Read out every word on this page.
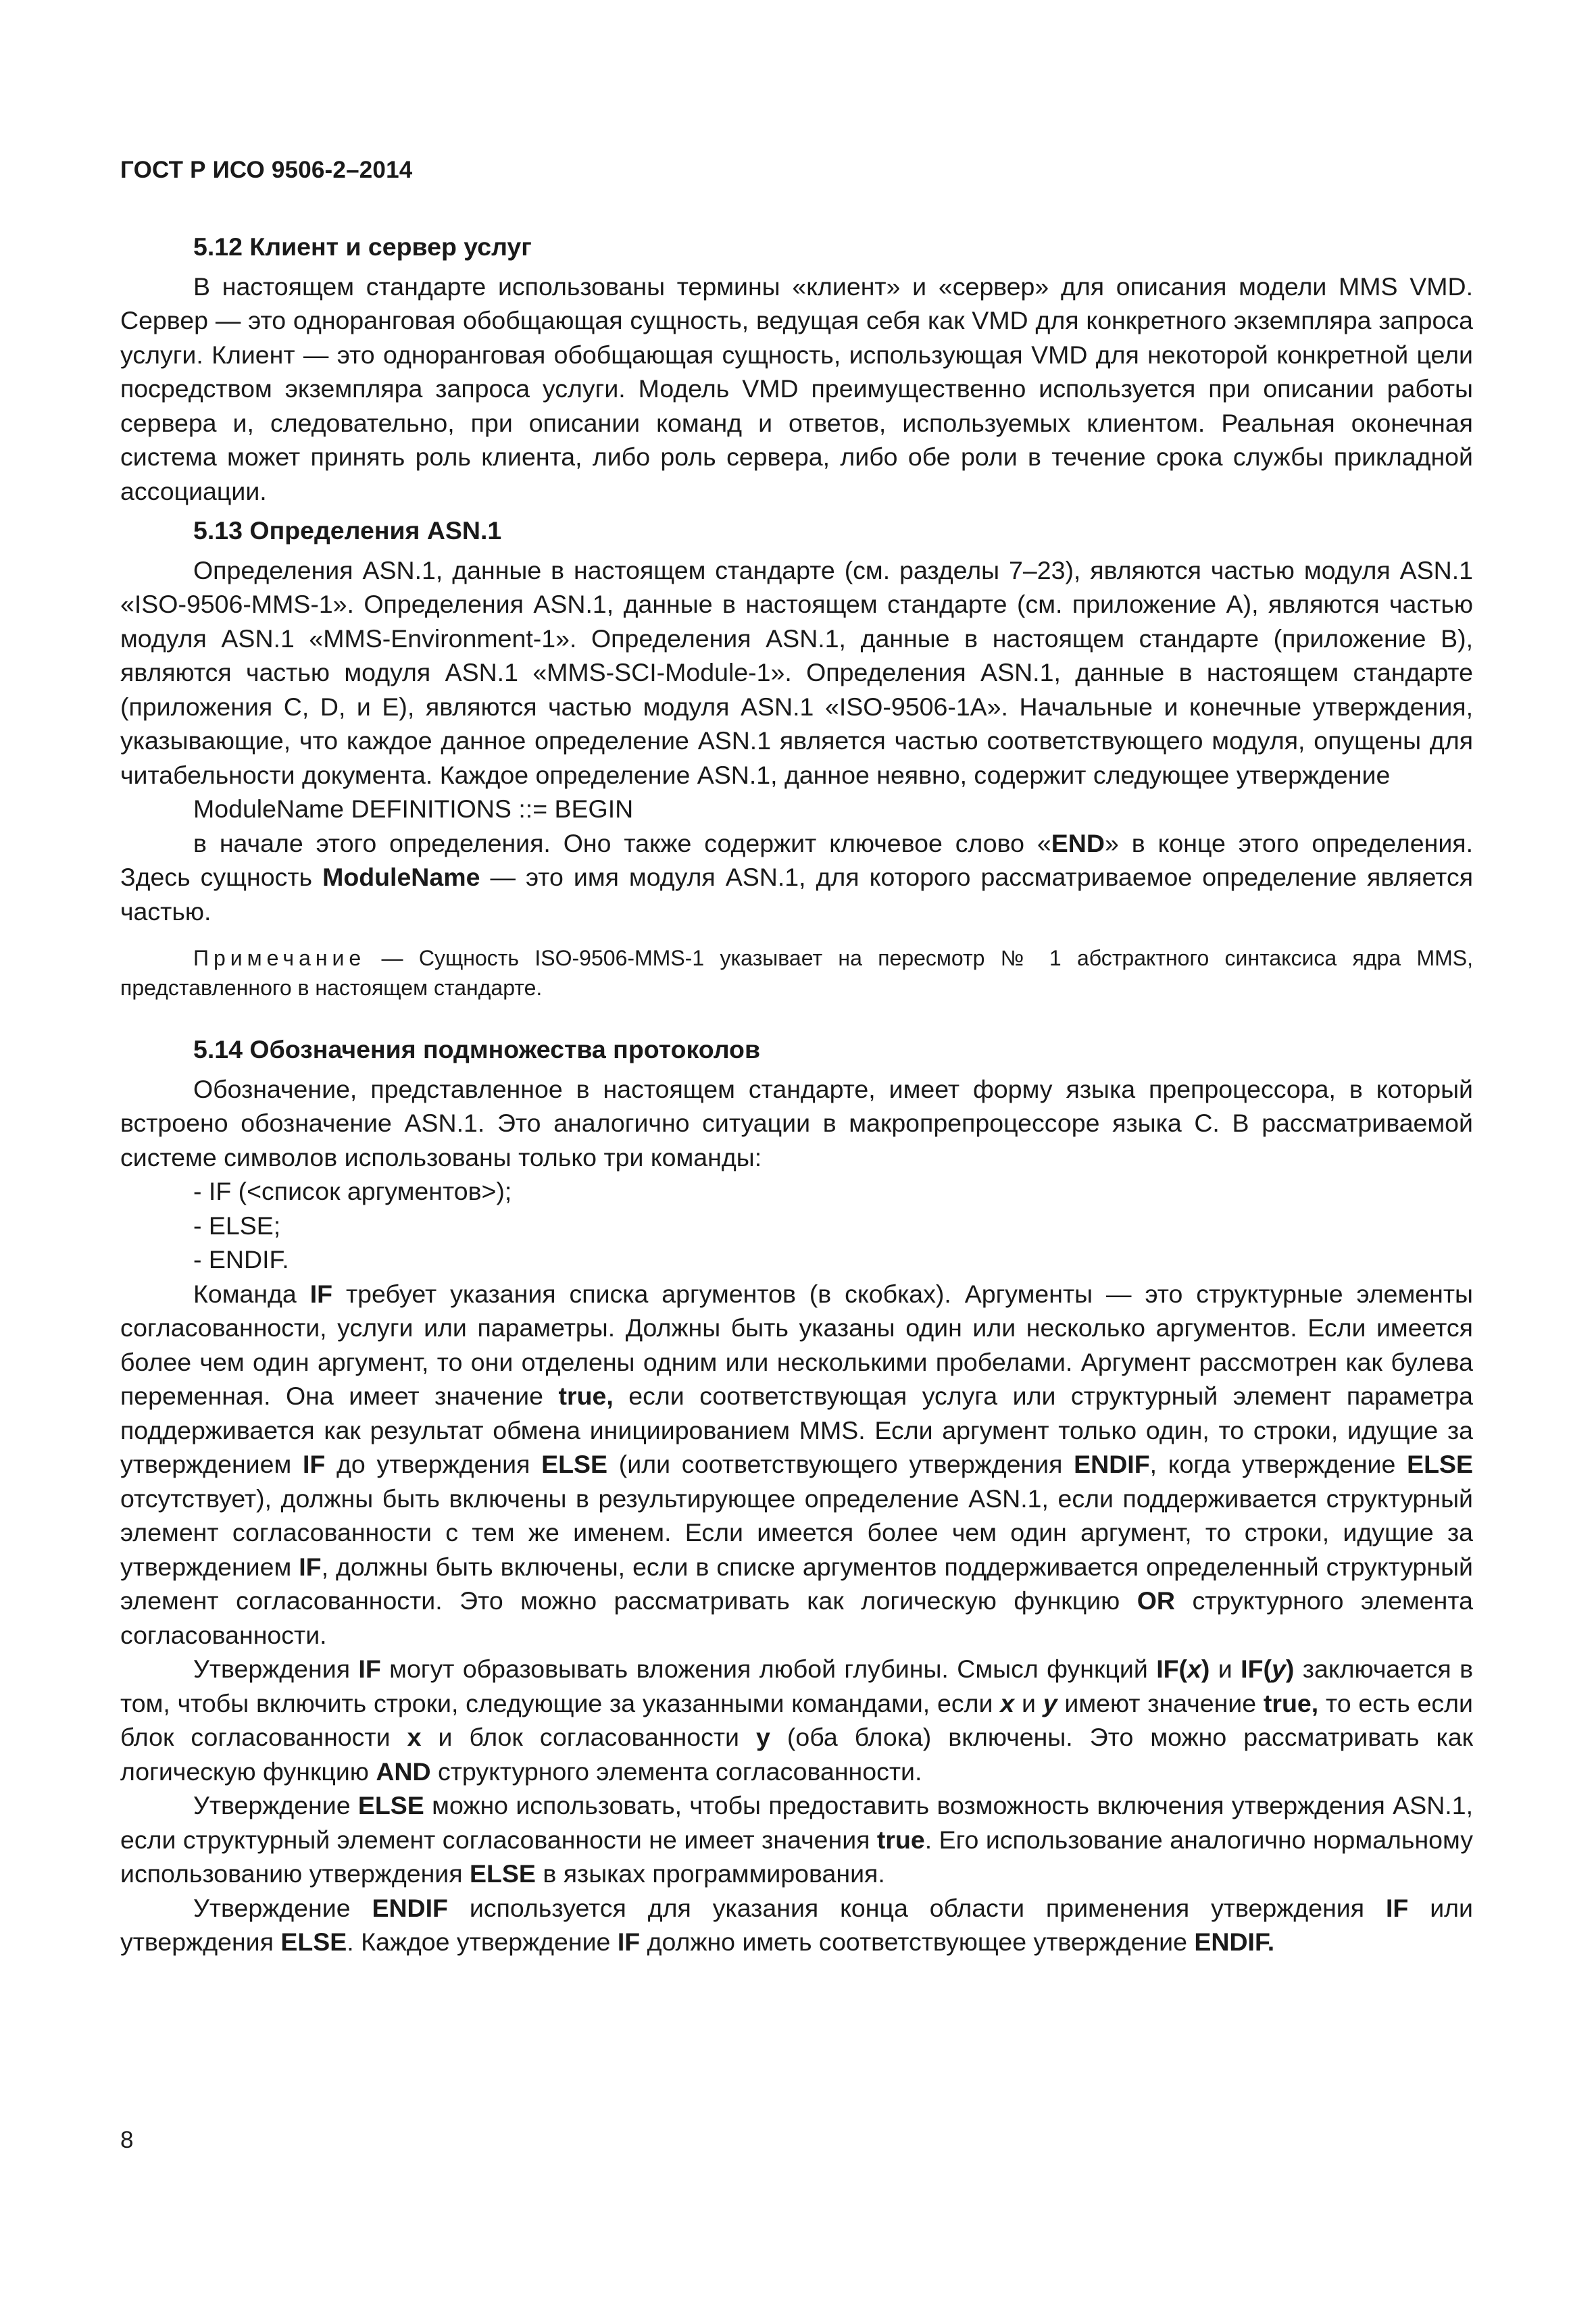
ГОСТ Р ИСО 9506-2–2014
5.12 Клиент и сервер услуг

В настоящем стандарте использованы термины «клиент» и «сервер» для описания модели MMS VMD. Сервер — это одноранговая обобщающая сущность, ведущая себя как VMD для конкретного экземпляра запроса услуги. Клиент — это одноранговая обобщающая сущность, использующая VMD для некоторой конкретной цели посредством экземпляра запроса услуги. Модель VMD преимущественно используется при описании работы сервера и, следовательно, при описании команд и ответов, используемых клиентом. Реальная оконечная система может принять роль клиента, либо роль сервера, либо обе роли в течение срока службы прикладной ассоциации.

5.13 Определения ASN.1

Определения ASN.1, данные в настоящем стандарте (см. разделы 7–23), являются частью модуля ASN.1 «ISO-9506-MMS-1». Определения ASN.1, данные в настоящем стандарте (см. приложение A), являются частью модуля ASN.1 «MMS-Environment-1». Определения ASN.1, данные в настоящем стандарте (приложение B), являются частью модуля ASN.1 «MMS-SCI-Module-1». Определения ASN.1, данные в настоящем стандарте (приложения C, D, и E), являются частью модуля ASN.1 «ISO-9506-1A». Начальные и конечные утверждения, указывающие, что каждое данное определение ASN.1 является частью соответствующего модуля, опущены для читабельности документа. Каждое определение ASN.1, данное неявно, содержит следующее утверждение

ModuleName DEFINITIONS ::= BEGIN

в начале этого определения. Оно также содержит ключевое слово «END» в конце этого определения. Здесь сущность ModuleName — это имя модуля ASN.1, для которого рассматриваемое определение является частью.

Примечание — Сущность ISO-9506-MMS-1 указывает на пересмотр № 1 абстрактного синтаксиса ядра MMS, представленного в настоящем стандарте.

5.14 Обозначения подмножества протоколов

Обозначение, представленное в настоящем стандарте, имеет форму языка препроцессора, в который встроено обозначение ASN.1. Это аналогично ситуации в макропрепроцессоре языка С. В рассматриваемой системе символов использованы только три команды:

- IF (<список аргументов>);

- ELSE;

- ENDIF.

Команда IF требует указания списка аргументов (в скобках). Аргументы — это структурные элементы согласованности, услуги или параметры. Должны быть указаны один или несколько аргументов. Если имеется более чем один аргумент, то они отделены одним или несколькими пробелами. Аргумент рассмотрен как булева переменная. Она имеет значение true, если соответствующая услуга или структурный элемент параметра поддерживается как результат обмена инициированием MMS. Если аргумент только один, то строки, идущие за утверждением IF до утверждения ELSE (или соответствующего утверждения ENDIF, когда утверждение ELSE отсутствует), должны быть включены в результирующее определение ASN.1, если поддерживается структурный элемент согласованности с тем же именем. Если имеется более чем один аргумент, то строки, идущие за утверждением IF, должны быть включены, если в списке аргументов поддерживается определенный структурный элемент согласованности. Это можно рассматривать как логическую функцию OR структурного элемента согласованности.

Утверждения IF могут образовывать вложения любой глубины. Смысл функций IF(x) и IF(y) заключается в том, чтобы включить строки, следующие за указанными командами, если x и y имеют значение true, то есть если блок согласованности x и блок согласованности y (оба блока) включены. Это можно рассматривать как логическую функцию AND структурного элемента согласованности.

Утверждение ELSE можно использовать, чтобы предоставить возможность включения утверждения ASN.1, если структурный элемент согласованности не имеет значения true. Его использование аналогично нормальному использованию утверждения ELSE в языках программирования.

Утверждение ENDIF используется для указания конца области применения утверждения IF или утверждения ELSE. Каждое утверждение IF должно иметь соответствующее утверждение ENDIF.

8
